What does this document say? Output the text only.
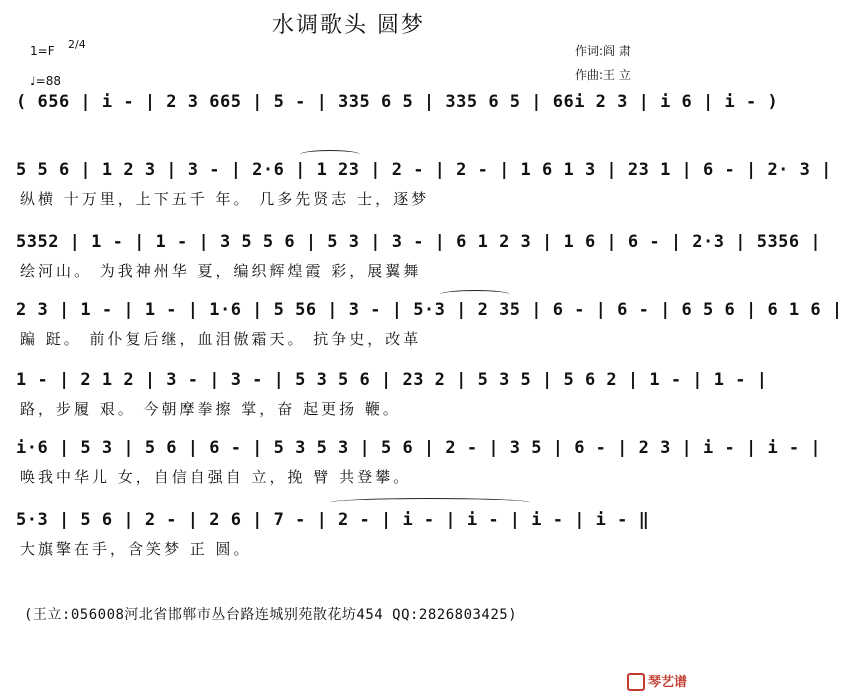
水调歌头 圆梦
1=F 2/4
♩=88
作词:阎 肃
作曲:王 立
( 656 | i - | 2 3 665 | 5 - | 335 6 5 | 335 6 5 | 66i 2 3 | i 6 | i - )
5 5 6 | 1 2 3 | 3 - | 2·6 | 1 23 | 2 - | 2 - | 1 6 1 3 | 23 1 | 6 - | 2· 3 |
纵横 十万里，上下五千 年。 几多先贤志 士，逐梦
5352 | 1 - | 1 - | 3 5 5 6 | 5 3 | 3 - | 6 1 2 3 | 1 6 | 6 - | 2·3 | 5356 |
绘河山。 为我神州华 夏，编织辉煌霞 彩，展翼舞
2 3 | 1 - | 1 - | 1·6 | 5 56 | 3 - | 5·3 | 2 35 | 6 - | 6 - | 6 5 6 | 6 1 6 |
蹁 跹。 前仆复后继，血泪傲霜天。 抗争史，改革
1 - | 2 1 2 | 3 - | 3 - | 5 3 5 6 | 23 2 | 5 3 5 | 5 6 2 | 1 - | 1 - |
路，步履 艰。 今朝摩拳擦 掌，奋 起更扬 鞭。
i·6 | 5 3 | 5 6 | 6 - | 5 3 5 3 | 5 6 | 2 - | 3 5 | 6 - | 2 3 | i - | i - |
唤我中华儿 女，自信自强自 立，挽 臂 共登攀。
5·3 | 5 6 | 2 - | 2 6 | 7 - | 2 - | i - | i - | i - | i - ‖
大旗擎在手，含笑梦 正 圆。
(王立:056008河北省邯郸市丛台路连城别苑散花坊454 QQ:2826803425)
琴艺谱
